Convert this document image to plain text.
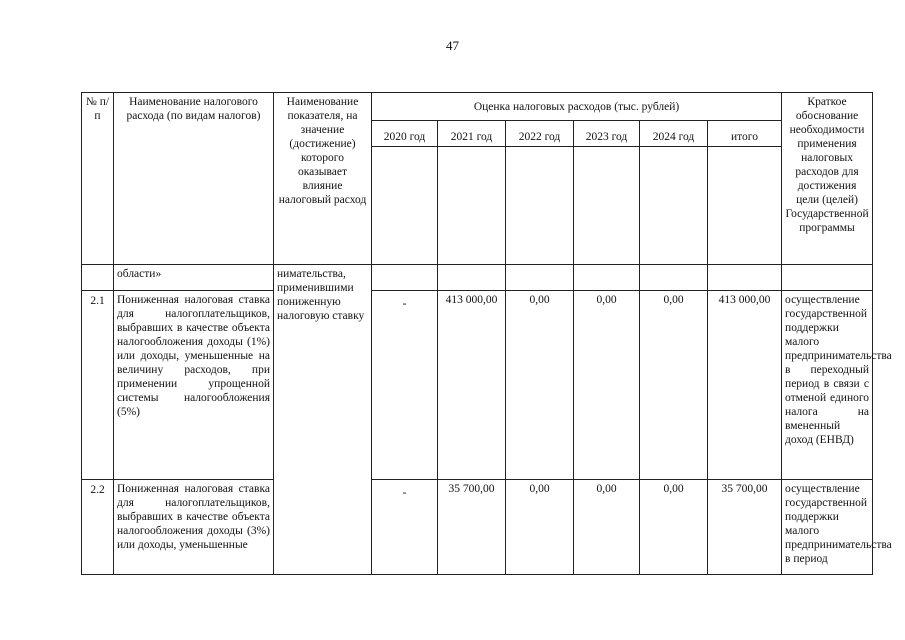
47
№ п/п	Наименование налогового расхода (по видам налогов)	Наименование показателя, на значение (достижение) которого оказывает влияние налоговый расход	Оценка налоговых расходов (тыс. рублей)						Краткое обоснование необходимости применения налоговых расходов для достижения цели (целей) Государственной программы
			2020 год	2021 год	2022 год	2023 год	2024 год	итого	

	области»	нимательства, применившими пониженную налоговую ставку							
2.1	Пониженная налоговая ставка для налогоплательщиков, выбравших в качестве объекта налогообложения доходы (1%) или доходы, уменьшенные на величину расходов, при применении упрощенной системы налогообложения (5%)		-	413 000,00	0,00	0,00	0,00	413 000,00	осуществление государственной поддержки малого предпринимательства в переходный период в связи с отменой единого налога на вмененный доход (ЕНВД)
2.2	Пониженная налоговая ставка для налогоплательщиков, выбравших в качестве объекта налогообложения доходы (3%) или доходы, уменьшенные		-	35 700,00	0,00	0,00	0,00	35 700,00	осуществление государственной поддержки малого предпринимательства в период
